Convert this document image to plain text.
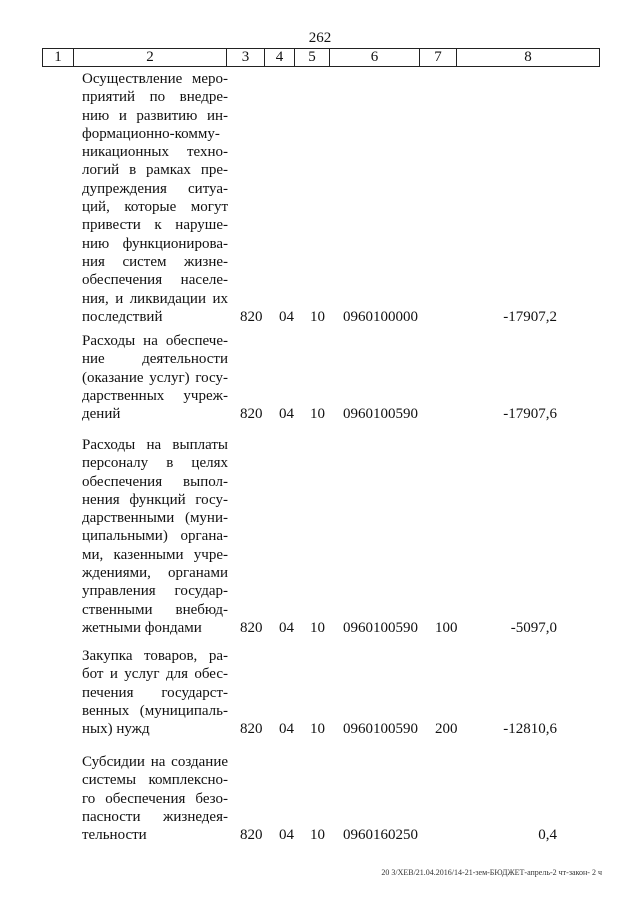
262
1	2	3	4	5	6	7	8
Осуществление меро-
приятий по внедре-
нию и развитию ин-
формационно-комму-
никационных техно-
логий в рамках пре-
дупреждения ситуа-
ций, которые могут
привести к наруше-
нию функционирова-
ния систем жизне-
обеспечения населе-
ния, и ликвидации их
последствий	820 04 10 0960100000	-17907,2
Расходы на обеспече-
ние деятельности
(оказание услуг) госу-
дарственных учреж-
дений	820 04 10 0960100590	-17907,6
Расходы на выплаты
персоналу в целях
обеспечения выпол-
нения функций госу-
дарственными (муни-
ципальными) органа-
ми, казенными учре-
ждениями, органами
управления государ-
ственными внебюд-
жетными фондами	820 04 10 0960100590 100	-5097,0
Закупка товаров, ра-
бот и услуг для обес-
печения государст-
венных (муниципаль-
ных) нужд	820 04 10 0960100590 200	-12810,6
Субсидии на создание
системы комплексно-
го обеспечения безо-
пасности жизнедея-
тельности	820 04 10 0960160250	0,4
20 3/ХЕВ/21.04.2016/14-21-зем-БЮДЖЕТ-апрель-2 чт-закон- 2 ч
